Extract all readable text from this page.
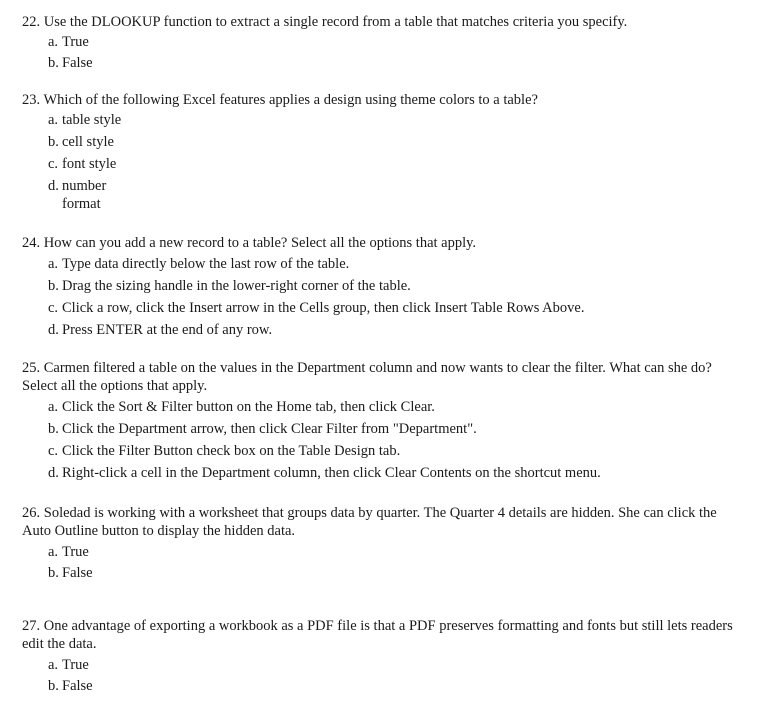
22. Use the DLOOKUP function to extract a single record from a table that matches criteria you specify.

a. True
b. False

23. Which of the following Excel features applies a design using theme colors to a table?

a. table style
b. cell style
c. font style
d. number format

24. How can you add a new record to a table? Select all the options that apply.

a. Type data directly below the last row of the table.
b. Drag the sizing handle in the lower-right corner of the table.
c. Click a row, click the Insert arrow in the Cells group, then click Insert Table Rows Above.
d. Press ENTER at the end of any row.

25. Carmen filtered a table on the values in the Department column and now wants to clear the filter. What can she do? Select all the options that apply.

a. Click the Sort & Filter button on the Home tab, then click Clear.
b. Click the Department arrow, then click Clear Filter from "Department".
c. Click the Filter Button check box on the Table Design tab.
d. Right-click a cell in the Department column, then click Clear Contents on the shortcut menu.

26. Soledad is working with a worksheet that groups data by quarter. The Quarter 4 details are hidden. She can click the Auto Outline button to display the hidden data.

a. True
b. False

27. One advantage of exporting a workbook as a PDF file is that a PDF preserves formatting and fonts but still lets readers edit the data.

a. True
b. False
